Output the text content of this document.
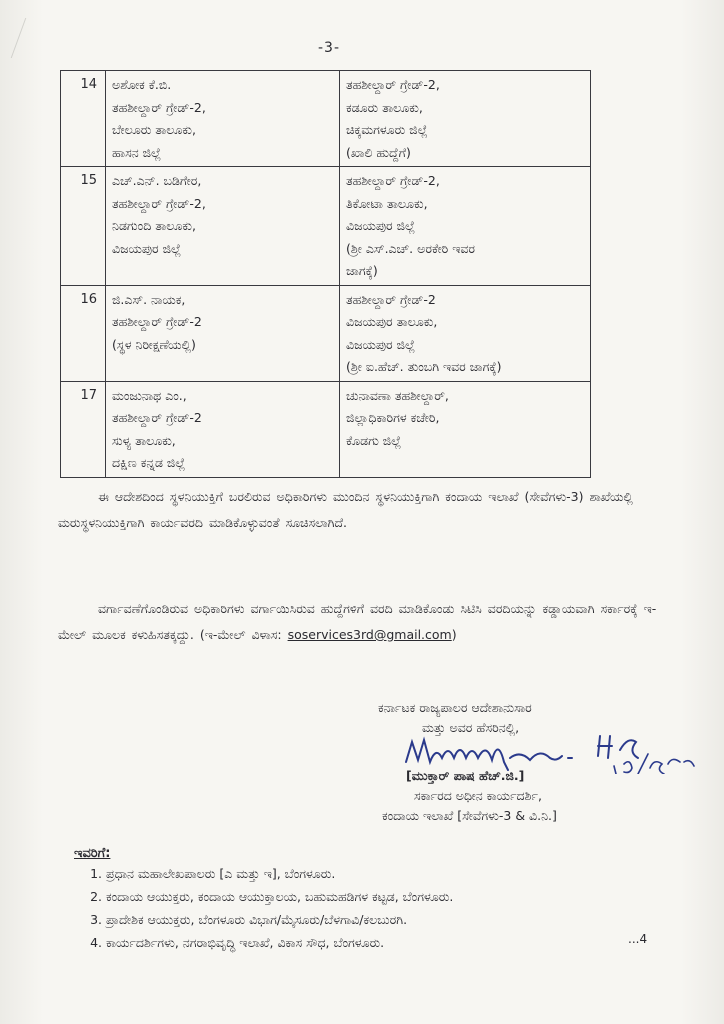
-3-
14	ಅಶೋಕ ಕೆ.ಬಿ.
ತಹಶೀಲ್ದಾರ್ ಗ್ರೇಡ್-2,
ಬೇಲೂರು ತಾಲೂಕು,
ಹಾಸನ ಜಿಲ್ಲೆ	ತಹಶೀಲ್ದಾರ್ ಗ್ರೇಡ್-2,
ಕಡೂರು ತಾಲೂಕು,
ಚಿಕ್ಕಮಗಳೂರು ಜಿಲ್ಲೆ
(ಖಾಲಿ ಹುದ್ದೆಗೆ)

15	ಎಚ್.ಎನ್. ಬಡಿಗೇರ,
ತಹಶೀಲ್ದಾರ್ ಗ್ರೇಡ್-2,
ನಿಡಗುಂದಿ ತಾಲೂಕು,
ವಿಜಯಪುರ ಜಿಲ್ಲೆ	ತಹಶೀಲ್ದಾರ್ ಗ್ರೇಡ್-2,
ತಿಕೋಟಾ ತಾಲೂಕು,
ವಿಜಯಪುರ ಜಿಲ್ಲೆ
(ಶ್ರೀ ಎಸ್.ಎಚ್. ಅರಕೇರಿ ಇವರ
ಜಾಗಕ್ಕೆ)

16	ಜಿ.ಎಸ್. ನಾಯಕ,
ತಹಶೀಲ್ದಾರ್ ಗ್ರೇಡ್-2
(ಸ್ಥಳ ನಿರೀಕ್ಷಣೆಯಲ್ಲಿ)	ತಹಶೀಲ್ದಾರ್ ಗ್ರೇಡ್-2
ವಿಜಯಪುರ ತಾಲೂಕು,
ವಿಜಯಪುರ ಜಿಲ್ಲೆ
(ಶ್ರೀ ಐ.ಹೆಚ್. ತುಂಬಗಿ ಇವರ ಜಾಗಕ್ಕೆ)

17	ಮಂಜುನಾಥ ಎಂ.,
ತಹಶೀಲ್ದಾರ್ ಗ್ರೇಡ್-2
ಸುಳ್ಯ ತಾಲೂಕು,
ದಕ್ಷಿಣ ಕನ್ನಡ ಜಿಲ್ಲೆ	ಚುನಾವಣಾ ತಹಶೀಲ್ದಾರ್,
ಜಿಲ್ಲಾಧಿಕಾರಿಗಳ ಕಚೇರಿ,
ಕೊಡಗು ಜಿಲ್ಲೆ
ಈ ಆದೇಶದಿಂದ ಸ್ಥಳನಿಯುಕ್ತಿಗೆ ಬರಲಿರುವ ಅಧಿಕಾರಿಗಳು ಮುಂದಿನ ಸ್ಥಳನಿಯುಕ್ತಿಗಾಗಿ ಕಂದಾಯ ಇಲಾಖೆ (ಸೇವೆಗಳು-3) ಶಾಖೆಯಲ್ಲಿ ಮರುಸ್ಥಳನಿಯುಕ್ತಿಗಾಗಿ ಕಾರ್ಯವರದಿ ಮಾಡಿಕೊಳ್ಳುವಂತೆ ಸೂಚಿಸಲಾಗಿದೆ.
ವರ್ಗಾವಣೆಗೊಂಡಿರುವ ಅಧಿಕಾರಿಗಳು ವರ್ಗಾಯಿಸಿರುವ ಹುದ್ದೆಗಳಿಗೆ ವರದಿ ಮಾಡಿಕೊಂಡು ಸಿಟಿಸಿ ವರದಿಯನ್ನು ಕಡ್ಡಾಯವಾಗಿ ಸರ್ಕಾರಕ್ಕೆ ಇ-ಮೇಲ್ ಮೂಲಕ ಕಳುಹಿಸತಕ್ಕದ್ದು. (ಇ-ಮೇಲ್ ವಿಳಾಸ: soservices3rd@gmail.com)
ಕರ್ನಾಟಕ ರಾಜ್ಯಪಾಲರ ಆದೇಶಾನುಸಾರ
ಮತ್ತು ಅವರ ಹೆಸರಿನಲ್ಲಿ,
[ಮುಕ್ತಾರ್ ಪಾಷ ಹೆಚ್.ಜಿ.]
ಸರ್ಕಾರದ ಅಧೀನ ಕಾರ್ಯದರ್ಶಿ,
ಕಂದಾಯ ಇಲಾಖೆ [ಸೇವೆಗಳು-3 & ವಿ.ನಿ.]
ಇವರಿಗೆ:
1. ಪ್ರಧಾನ ಮಹಾಲೇಖಪಾಲರು [ಎ ಮತ್ತು ಇ], ಬೆಂಗಳೂರು.
2. ಕಂದಾಯ ಆಯುಕ್ತರು, ಕಂದಾಯ ಆಯುಕ್ತಾಲಯ, ಬಹುಮಹಡಿಗಳ ಕಟ್ಟಡ, ಬೆಂಗಳೂರು.
3. ಪ್ರಾದೇಶಿಕ ಆಯುಕ್ತರು, ಬೆಂಗಳೂರು ವಿಭಾಗ/ಮೈಸೂರು/ಬೆಳಗಾವಿ/ಕಲಬುರಗಿ.
4. ಕಾರ್ಯದರ್ಶಿಗಳು, ನಗರಾಭಿವೃದ್ಧಿ ಇಲಾಖೆ, ವಿಕಾಸ ಸೌಧ, ಬೆಂಗಳೂರು.	...4
